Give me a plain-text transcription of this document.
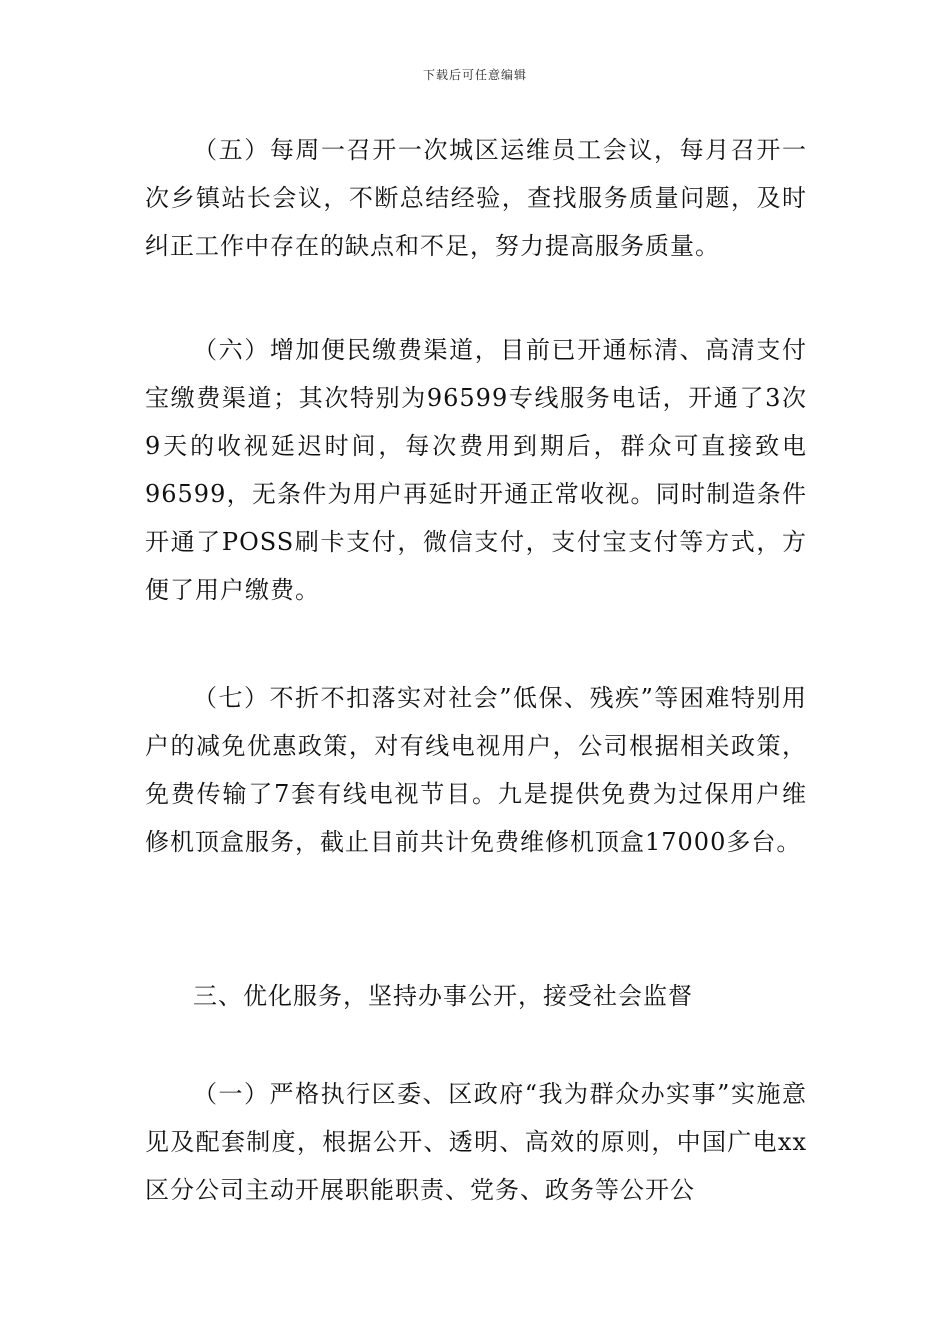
下载后可任意编辑

（五）每周一召开一次城区运维员工会议，每月召开一次乡镇站长会议，不断总结经验，查找服务质量问题，及时纠正工作中存在的缺点和不足，努力提高服务质量。

（六）增加便民缴费渠道，目前已开通标清、高清支付宝缴费渠道；其次特别为96599专线服务电话，开通了3次9天的收视延迟时间，每次费用到期后，群众可直接致电96599，无条件为用户再延时开通正常收视。同时制造条件开通了POSS刷卡支付，微信支付，支付宝支付等方式，方便了用户缴费。

（七）不折不扣落实对社会”低保、残疾”等困难特别用户的减免优惠政策，对有线电视用户，公司根据相关政策，免费传输了7套有线电视节目。九是提供免费为过保用户维修机顶盒服务，截止目前共计免费维修机顶盒17000多台。

三、优化服务，坚持办事公开，接受社会监督

（一）严格执行区委、区政府“我为群众办实事”实施意见及配套制度，根据公开、透明、高效的原则，中国广电xx区分公司主动开展职能职责、党务、政务等公开公
